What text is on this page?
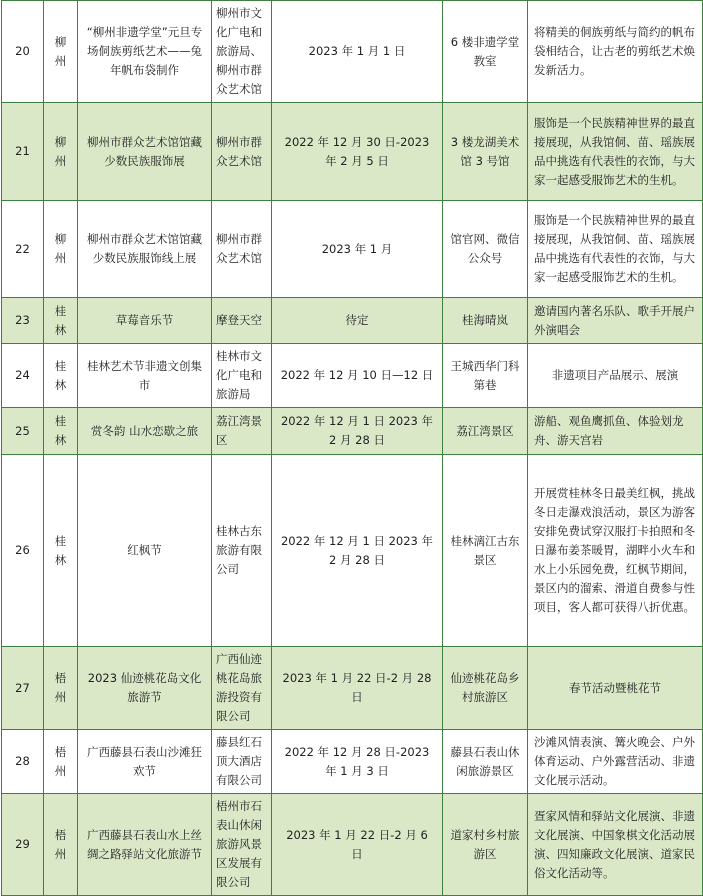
20	柳州	“柳州非遗学堂”元旦专场侗族剪纸艺术——兔年帆布袋制作	柳州市文化广电和旅游局、柳州市群众艺术馆	2023 年 1 月 1 日	6 楼非遗学堂教室	将精美的侗族剪纸与简约的帆布袋相结合，让古老的剪纸艺术焕发新活力。
21	柳州	柳州市群众艺术馆馆藏少数民族服饰展	柳州市群众艺术馆	2022 年 12 月 30 日-2023 年 2 月 5 日	3 楼龙湖美术馆 3 号馆	服饰是一个民族精神世界的最直接展现，从我馆侗、苗、瑶族展品中挑选有代表性的衣饰，与大家一起感受服饰艺术的生机。
22	柳州	柳州市群众艺术馆馆藏少数民族服饰线上展	柳州市群众艺术馆	2023 年 1 月	馆官网、微信公众号	服饰是一个民族精神世界的最直接展现，从我馆侗、苗、瑶族展品中挑选有代表性的衣饰，与大家一起感受服饰艺术的生机。
23	桂林	草莓音乐节	摩登天空	待定	桂海晴岚	邀请国内著名乐队、歌手开展户外演唱会
24	桂林	桂林艺术节非遗文创集市	桂林市文化广电和旅游局	2022 年 12 月 10 日—12 日	王城西华门科第巷	非遗项目产品展示、展演
25	桂林	赏冬韵 山水恋歇之旅	荔江湾景区	2022 年 12 月 1 日 2023 年 2 月 28 日	荔江湾景区	游船、观鱼鹰抓鱼、体验划龙舟、游天宫岩
26	桂林	红枫节	桂林古东旅游有限公司	2022 年 12 月 1 日 2023 年 2 月 28 日	桂林漓江古东景区	开展赏桂林冬日最美红枫，挑战冬日走瀑戏浪活动，景区为游客安排免费试穿汉服打卡拍照和冬日瀑布姜茶暖胃，湖畔小火车和水上小乐园免费，红枫节期间，景区内的溜索、滑道自费参与性项目，客人都可获得八折优惠。
27	梧州	2023 仙迹桃花岛文化旅游节	广西仙迹桃花岛旅游投资有限公司	2023 年 1 月 22 日-2 月 28 日	仙迹桃花岛乡村旅游区	春节活动暨桃花节
28	梧州	广西藤县石表山沙滩狂欢节	藤县红石顶大酒店有限公司	2022 年 12 月 28 日-2023 年 1 月 3 日	藤县石表山休闲旅游景区	沙滩风情表演、篝火晚会、户外体育运动、户外露营活动、非遗文化展示活动。
29	梧州	广西藤县石表山水上丝绸之路驿站文化旅游节	梧州市石表山休闲旅游风景区发展有限公司	2023 年 1 月 22 日-2 月 6 日	道家村乡村旅游区	疍家风情和驿站文化展演、非遗文化展演、中国象棋文化活动展演、四知廉政文化展演、道家民俗文化活动等。
